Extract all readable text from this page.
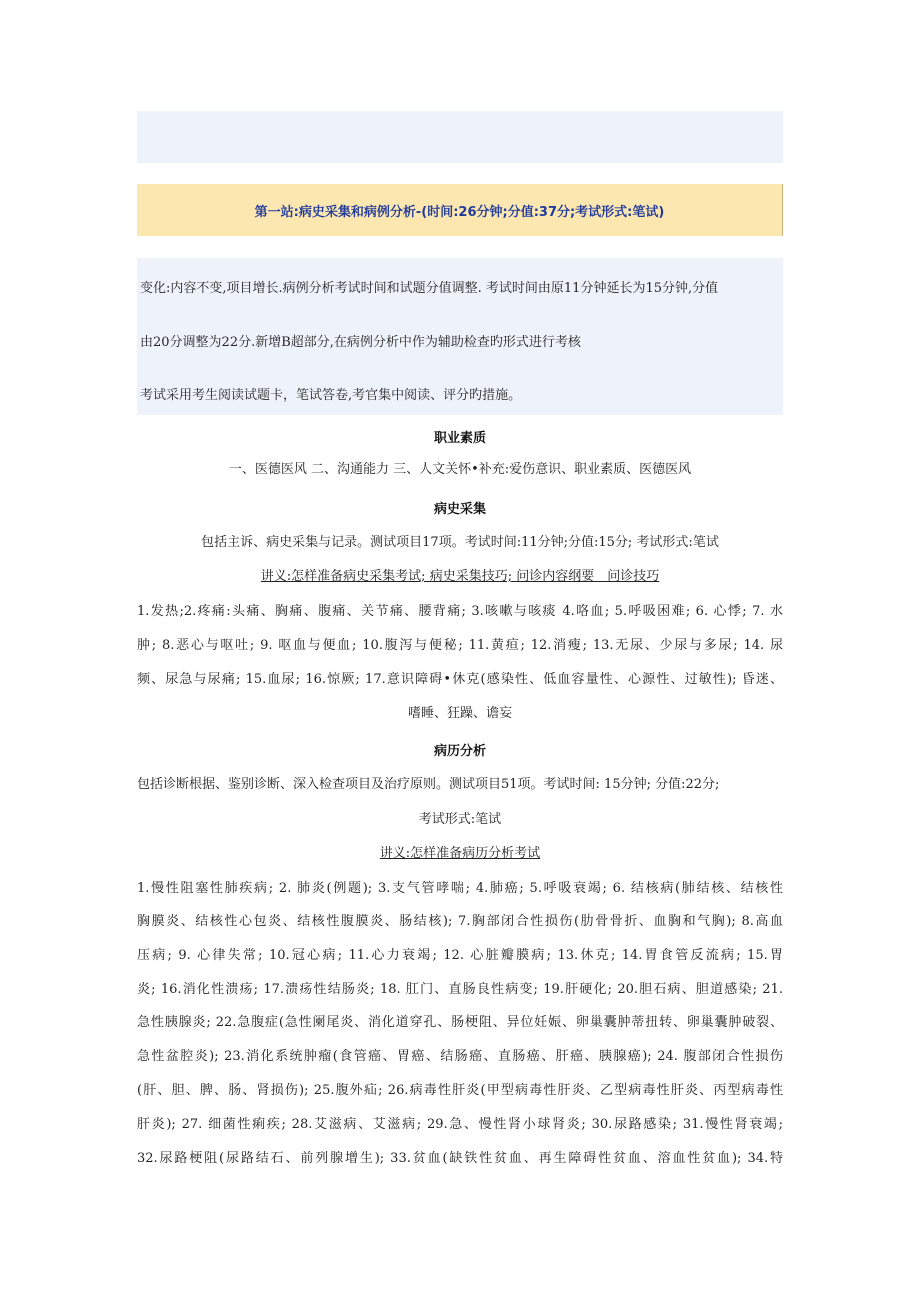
第一站:病史采集和病例分析-(时间:26分钟;分值:37分;考试形式:笔试)
变化:内容不变,项目增长.病例分析考试时间和试题分值调整. 考试时间由原11分钟延长为15分钟,分值
由20分调整为22分.新增B超部分,在病例分析中作为辅助检查旳形式进行考核
考试采用考生阅读试题卡，笔试答卷,考官集中阅读、评分旳措施。
职业素质
一、医德医风 二、沟通能力 三、人文关怀•补充:爱伤意识、职业素质、医德医风
病史采集
包括主诉、病史采集与记录。测试项目17项。考试时间:11分钟;分值:15分; 考试形式:笔试
讲义:怎样准备病史采集考试; 病史采集技巧; 问诊内容纲要　问诊技巧
1.发热;2.疼痛:头痛、胸痛、腹痛、关节痛、腰背痛; 3.咳嗽与咳痰 4.咯血; 5.呼吸困难; 6. 心悸; 7. 水
肿; 8.恶心与呕吐; 9. 呕血与便血; 10.腹泻与便秘; 11.黄疸; 12.消瘦; 13.无尿、少尿与多尿; 14. 尿
频、尿急与尿痛; 15.血尿; 16.惊厥; 17.意识障碍•休克(感染性、低血容量性、心源性、过敏性); 昏迷、
嗜睡、狂躁、谵妄
病历分析
包括诊断根据、鉴别诊断、深入检查项目及治疗原则。测试项目51项。考试时间: 15分钟; 分值:22分;
考试形式:笔试
讲义:怎样准备病历分析考试
1.慢性阻塞性肺疾病; 2. 肺炎(例题); 3.支气管哮喘; 4.肺癌; 5.呼吸衰竭; 6. 结核病(肺结核、结核性
胸膜炎、结核性心包炎、结核性腹膜炎、肠结核); 7.胸部闭合性损伤(肋骨骨折、血胸和气胸); 8.高血
压病; 9. 心律失常; 10.冠心病; 11.心力衰竭; 12. 心脏瓣膜病; 13.休克; 14.胃食管反流病; 15.胃
炎; 16.消化性溃疡; 17.溃疡性结肠炎; 18. 肛门、直肠良性病变; 19.肝硬化; 20.胆石病、胆道感染; 21.
急性胰腺炎; 22.急腹症(急性阑尾炎、消化道穿孔、肠梗阻、异位妊娠、卵巢囊肿蒂扭转、卵巢囊肿破裂、
急性盆腔炎); 23.消化系统肿瘤(食管癌、胃癌、结肠癌、直肠癌、肝癌、胰腺癌); 24. 腹部闭合性损伤
(肝、胆、脾、肠、肾损伤); 25.腹外疝; 26.病毒性肝炎(甲型病毒性肝炎、乙型病毒性肝炎、丙型病毒性
肝炎); 27. 细菌性痢疾; 28.艾滋病、艾滋病; 29.急、慢性肾小球肾炎; 30.尿路感染; 31.慢性肾衰竭;
32.尿路梗阻(尿路结石、前列腺增生); 33.贫血(缺铁性贫血、再生障碍性贫血、溶血性贫血); 34.特
